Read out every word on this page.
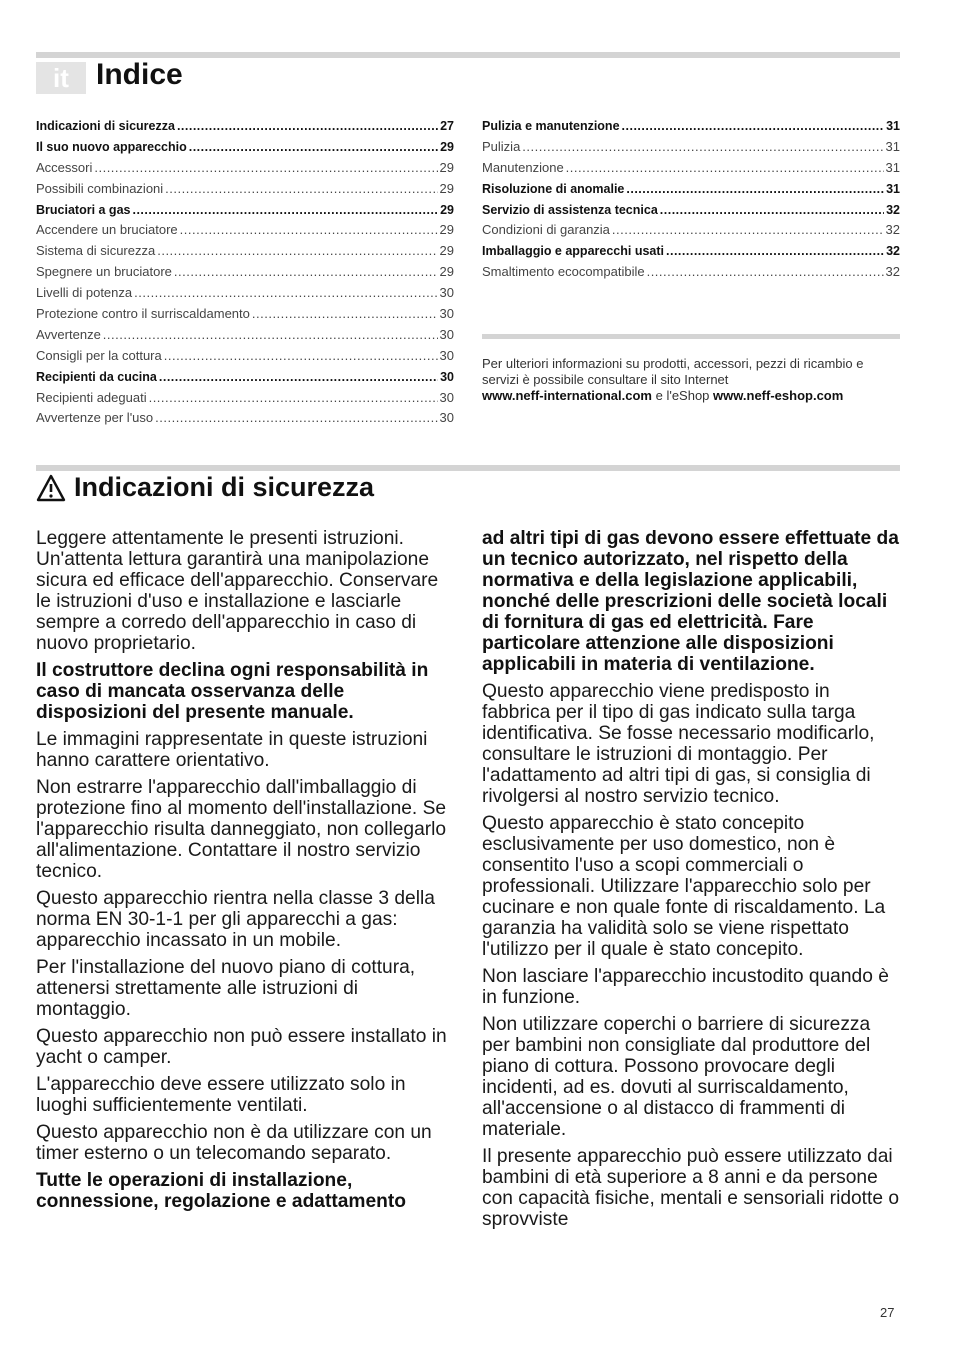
it Indice
Indicazioni di sicurezza .....	27
Il suo nuovo apparecchio .....	29
Accessori .....	29
Possibili combinazioni .....	29
Bruciatori a gas .....	29
Accendere un bruciatore .....	29
Sistema di sicurezza .....	29
Spegnere un bruciatore .....	29
Livelli di potenza .....	30
Protezione contro il surriscaldamento .....	30
Avvertenze .....	30
Consigli per la cottura .....	30
Recipienti da cucina .....	30
Recipienti adeguati .....	30
Avvertenze per l'uso .....	30
Pulizia e manutenzione .....	31
Pulizia .....	31
Manutenzione .....	31
Risoluzione di anomalie .....	31
Servizio di assistenza tecnica .....	32
Condizioni di garanzia .....	32
Imballaggio e apparecchi usati .....	32
Smaltimento ecocompatibile .....	32

Per ulteriori informazioni su prodotti, accessori, pezzi di ricambio e servizi è possibile consultare il sito Internet
www.neff-international.com e l'eShop www.neff-eshop.com

Indicazioni di sicurezza

Leggere attentamente le presenti istruzioni. Un'attenta lettura garantirà una manipolazione sicura ed efficace dell'apparecchio. Conservare le istruzioni d'uso e installazione e lasciarle sempre a corredo dell'apparecchio in caso di nuovo proprietario.

Il costruttore declina ogni responsabilità in caso di mancata osservanza delle disposizioni del presente manuale.

Le immagini rappresentate in queste istruzioni hanno carattere orientativo.

Non estrarre l'apparecchio dall'imballaggio di protezione fino al momento dell'installazione. Se l'apparecchio risulta danneggiato, non collegarlo all'alimentazione. Contattare il nostro servizio tecnico.

Questo apparecchio rientra nella classe 3 della norma EN 30-1-1 per gli apparecchi a gas: apparecchio incassato in un mobile.

Per l'installazione del nuovo piano di cottura, attenersi strettamente alle istruzioni di montaggio.

Questo apparecchio non può essere installato in yacht o camper.

L'apparecchio deve essere utilizzato solo in luoghi sufficientemente ventilati.

Questo apparecchio non è da utilizzare con un timer esterno o un telecomando separato.

Tutte le operazioni di installazione, connessione, regolazione e adattamento

ad altri tipi di gas devono essere effettuate da un tecnico autorizzato, nel rispetto della normativa e della legislazione applicabili, nonché delle prescrizioni delle società locali di fornitura di gas ed elettricità. Fare particolare attenzione alle disposizioni applicabili in materia di ventilazione.

Questo apparecchio viene predisposto in fabbrica per il tipo di gas indicato sulla targa identificativa. Se fosse necessario modificarlo, consultare le istruzioni di montaggio. Per l'adattamento ad altri tipi di gas, si consiglia di rivolgersi al nostro servizio tecnico.

Questo apparecchio è stato concepito esclusivamente per uso domestico, non è consentito l'uso a scopi commerciali o professionali. Utilizzare l'apparecchio solo per cucinare e non quale fonte di riscaldamento. La garanzia ha validità solo se viene rispettato l'utilizzo per il quale è stato concepito.

Non lasciare l'apparecchio incustodito quando è in funzione.

Non utilizzare coperchi o barriere di sicurezza per bambini non consigliate dal produttore del piano di cottura. Possono provocare degli incidenti, ad es. dovuti al surriscaldamento, all'accensione o al distacco di frammenti di materiale.

Il presente apparecchio può essere utilizzato dai bambini di età superiore a 8 anni e da persone con capacità fisiche, mentali e sensoriali ridotte o sprovviste

27
